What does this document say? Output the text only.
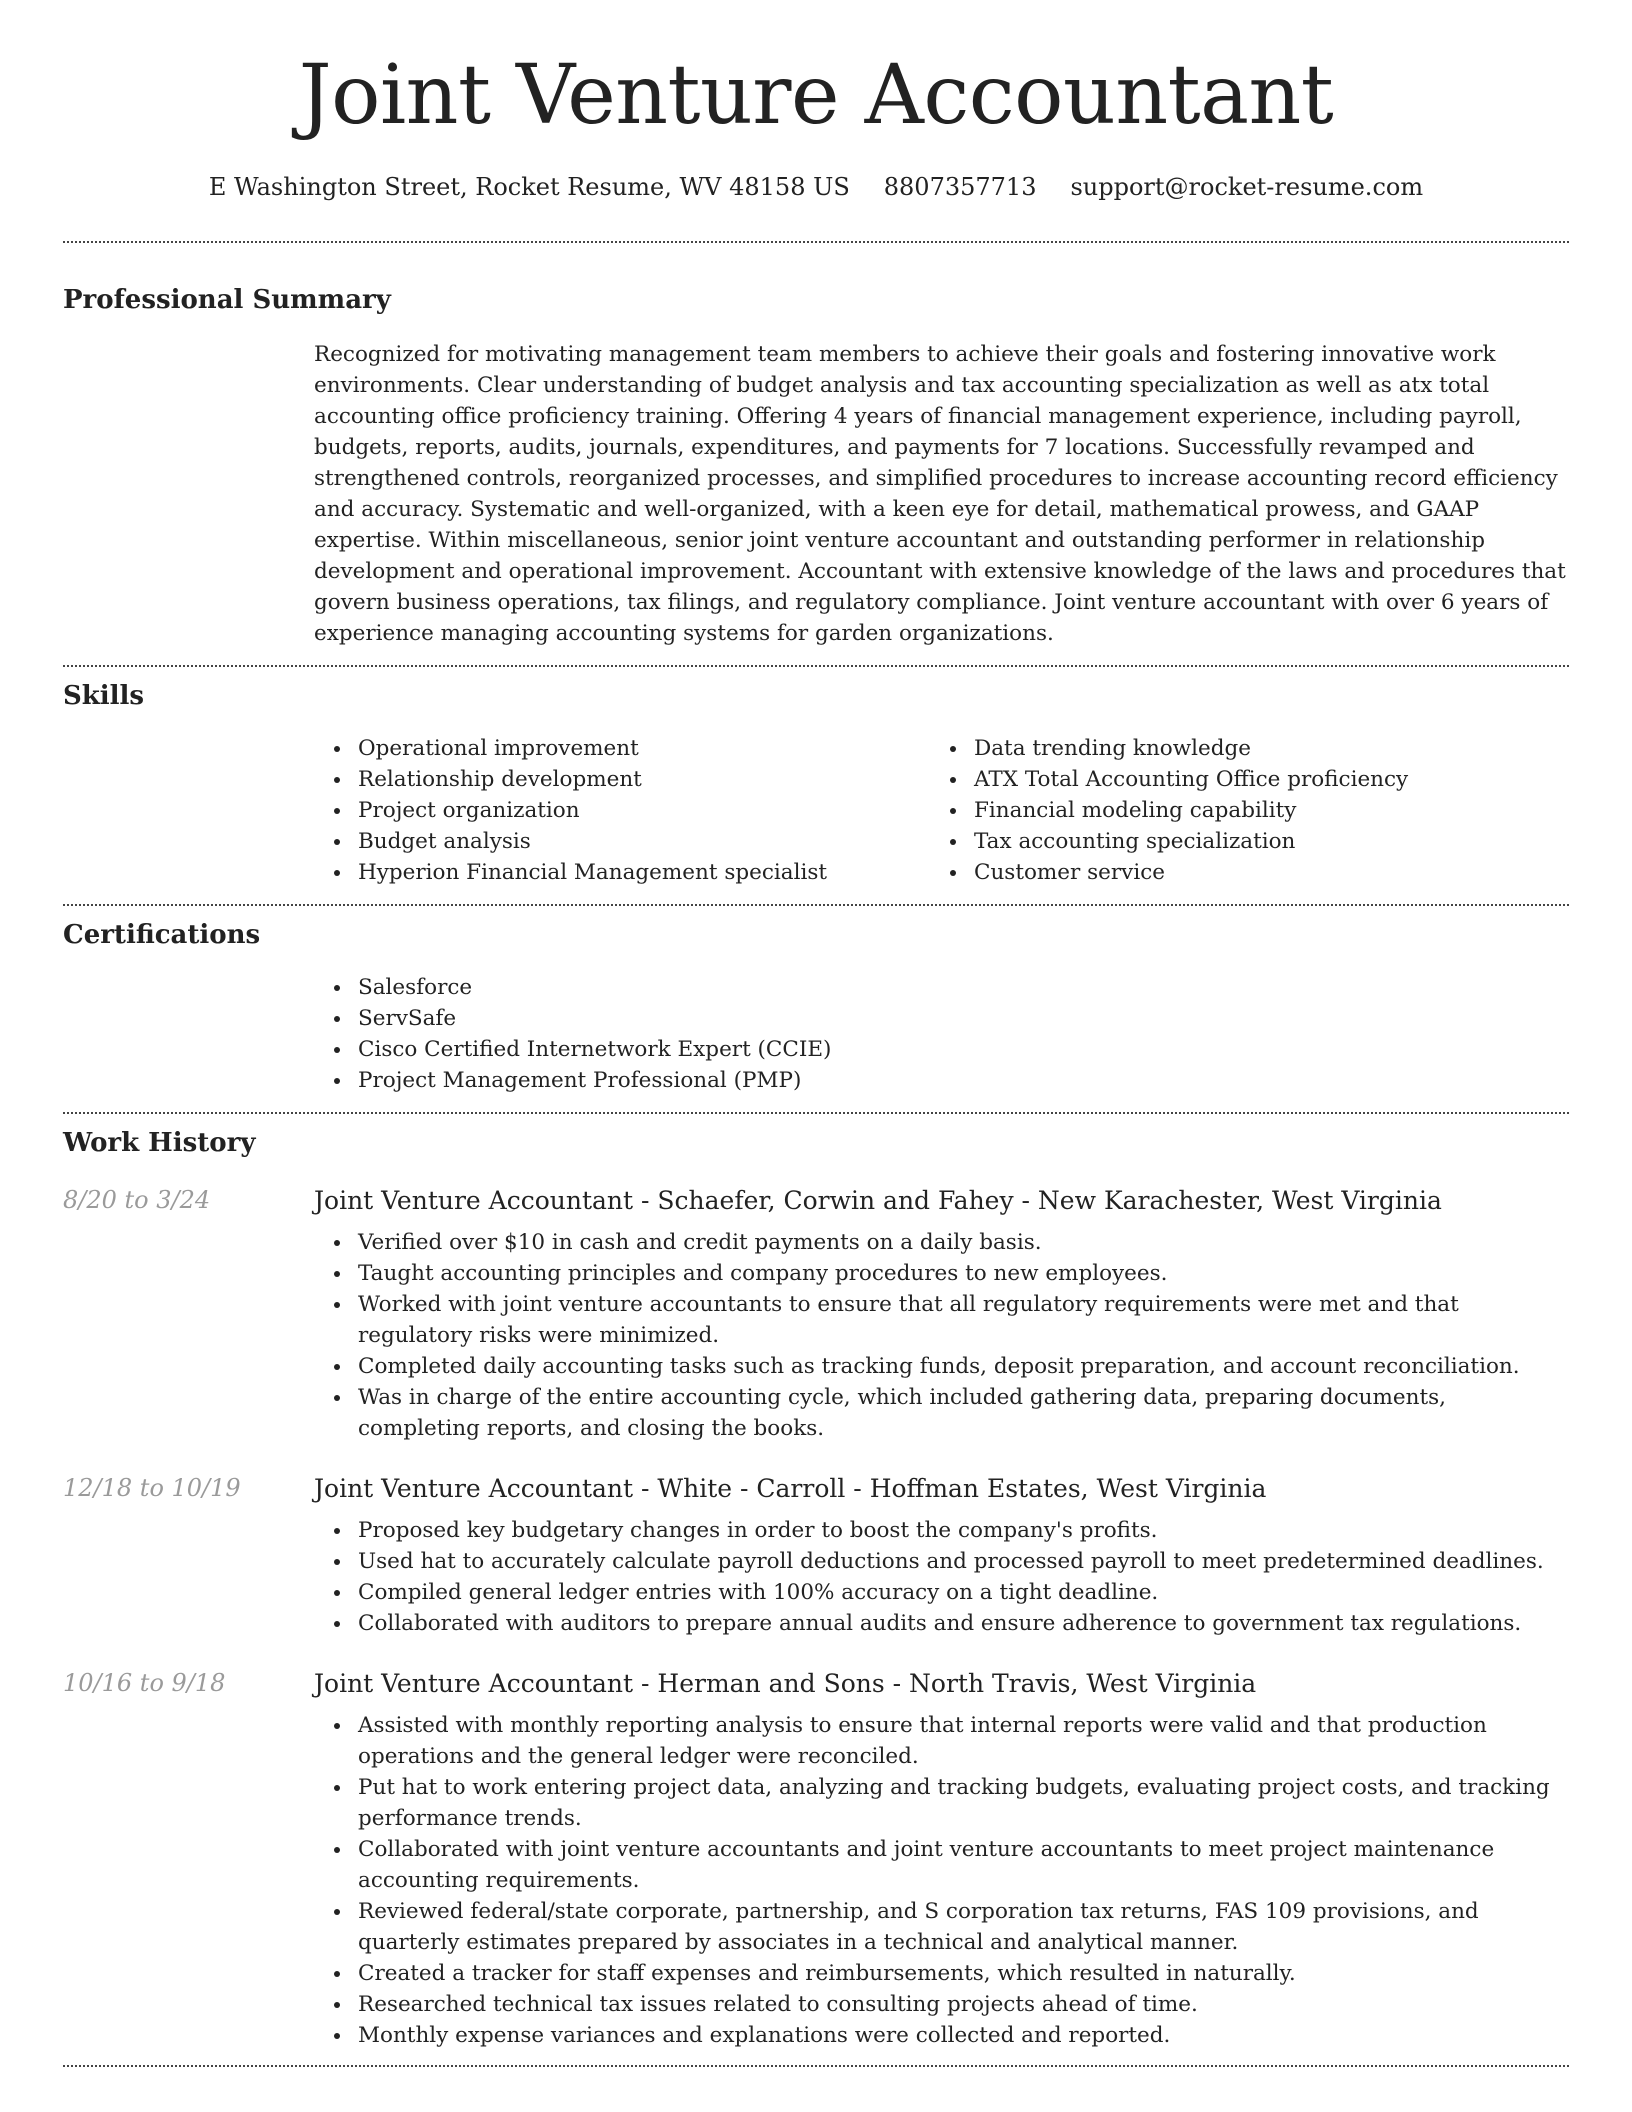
Joint Venture Accountant
E Washington Street, Rocket Resume, WV 48158 US 8807357713 support@rocket-resume.com
Professional Summary

Recognized for motivating management team members to achieve their goals and fostering innovative work environments. Clear understanding of budget analysis and tax accounting specialization as well as atx total accounting office proficiency training. Offering 4 years of financial management experience, including payroll, budgets, reports, audits, journals, expenditures, and payments for 7 locations. Successfully revamped and strengthened controls, reorganized processes, and simplified procedures to increase accounting record efficiency and accuracy. Systematic and well-organized, with a keen eye for detail, mathematical prowess, and GAAP expertise. Within miscellaneous, senior joint venture accountant and outstanding performer in relationship development and operational improvement. Accountant with extensive knowledge of the laws and procedures that govern business operations, tax filings, and regulatory compliance. Joint venture accountant with over 6 years of experience managing accounting systems for garden organizations.

Skills
Operational improvement
Relationship development
Project organization
Budget analysis
Hyperion Financial Management specialist
Data trending knowledge
ATX Total Accounting Office proficiency
Financial modeling capability
Tax accounting specialization
Customer service
Certifications
Salesforce
ServSafe
Cisco Certified Internetwork Expert (CCIE)
Project Management Professional (PMP)
Work History
8/20 to 3/24	Joint Venture Accountant - Schaefer, Corwin and Fahey - New Karachester, West Virginia
Verified over $10 in cash and credit payments on a daily basis.
Taught accounting principles and company procedures to new employees.
Worked with joint venture accountants to ensure that all regulatory requirements were met and that regulatory risks were minimized.
Completed daily accounting tasks such as tracking funds, deposit preparation, and account reconciliation.
Was in charge of the entire accounting cycle, which included gathering data, preparing documents, completing reports, and closing the books.
12/18 to 10/19	Joint Venture Accountant - White - Carroll - Hoffman Estates, West Virginia
Proposed key budgetary changes in order to boost the company's profits.
Used hat to accurately calculate payroll deductions and processed payroll to meet predetermined deadlines.
Compiled general ledger entries with 100% accuracy on a tight deadline.
Collaborated with auditors to prepare annual audits and ensure adherence to government tax regulations.
10/16 to 9/18	Joint Venture Accountant - Herman and Sons - North Travis, West Virginia
Assisted with monthly reporting analysis to ensure that internal reports were valid and that production operations and the general ledger were reconciled.
Put hat to work entering project data, analyzing and tracking budgets, evaluating project costs, and tracking performance trends.
Collaborated with joint venture accountants and joint venture accountants to meet project maintenance accounting requirements.
Reviewed federal/state corporate, partnership, and S corporation tax returns, FAS 109 provisions, and quarterly estimates prepared by associates in a technical and analytical manner.
Created a tracker for staff expenses and reimbursements, which resulted in naturally.
Researched technical tax issues related to consulting projects ahead of time.
Monthly expense variances and explanations were collected and reported.
